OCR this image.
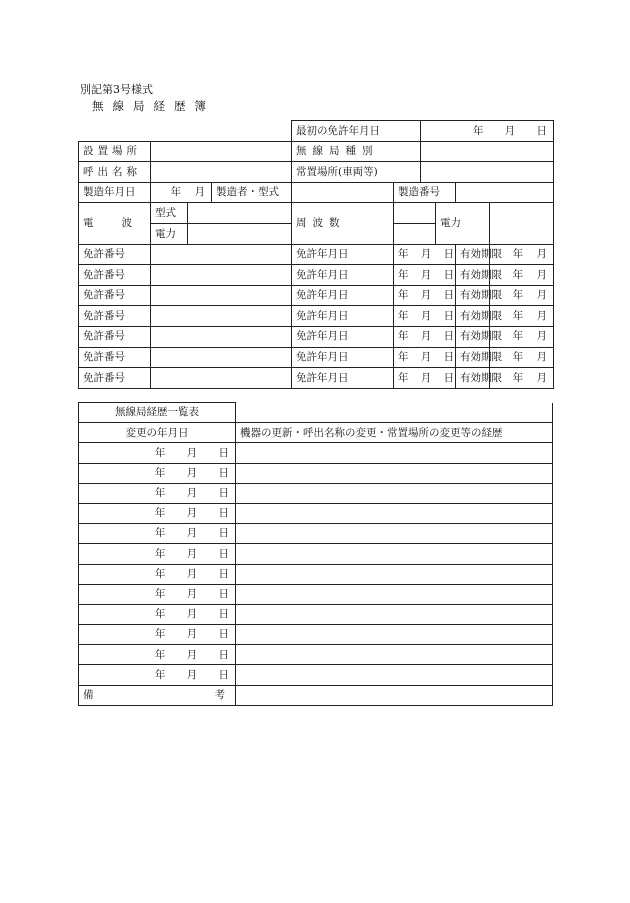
別記第3号様式
無線局経歴簿
				最初の免許年月日		年 月 日			
設置場所				無線局種別					
呼出名称				常置場所(車両等)					
製造年月日	年 月		製造者・型式		製造番号				
電波	型式			周波数			電力		
	電力								
免許番号				免許年月日	年 月 日			有効期限	年 月
免許番号				免許年月日	年 月 日			有効期限	年 月
免許番号				免許年月日	年 月 日			有効期限	年 月
免許番号				免許年月日	年 月 日			有効期限	年 月
免許番号				免許年月日	年 月 日			有効期限	年 月
免許番号				免許年月日	年 月 日			有効期限	年 月
免許番号				免許年月日	年 月 日			有効期限	年 月
無線局経歴一覧表	
変更の年月日	機器の更新・呼出名称の変更・常置場所の変更等の経歴
年 月 日	
年 月 日	
年 月 日	
年 月 日	
年 月 日	
年 月 日	
年 月 日	
年 月 日	
年 月 日	
年 月 日	
年 月 日	
年 月 日	

備 考	
